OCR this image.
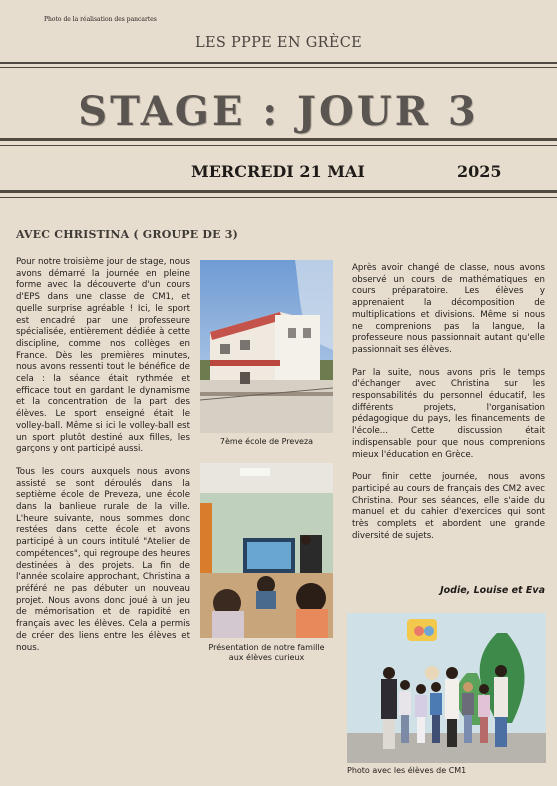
Photo de la réalisation des pancartes
LES PPPE EN GRÈCE
STAGE : JOUR 3
MERCREDI 21 MAI	2025
AVEC CHRISTINA ( GROUPE DE 3)

Pour notre troisième jour de stage, nous avons démarré la journée en pleine forme avec la découverte d'un cours d'EPS dans une classe de CM1, et quelle surprise agréable ! Ici, le sport est encadré par une professeure spécialisée, entièrement dédiée à cette discipline, comme nos collèges en France. Dès les premières minutes, nous avons ressenti tout le bénéfice de cela : la séance était rythmée et efficace tout en gardant le dynamisme et la concentration de la part des élèves. Le sport enseigné était le volley-ball. Même si ici le volley-ball est un sport plutôt destiné aux filles, les garçons y ont participé aussi.

Tous les cours auxquels nous avons assisté se sont déroulés dans la septième école de Preveza, une école dans la banlieue rurale de la ville. L'heure suivante, nous sommes donc restées dans cette école et avons participé à un cours intitulé "Atelier de compétences", qui regroupe des heures destinées à des projets. La fin de l'année scolaire approchant, Christina a préféré ne pas débuter un nouveau projet. Nous avons donc joué à un jeu de mémorisation et de rapidité en français avec les élèves. Cela a permis de créer des liens entre les élèves et nous.

7ème école de Preveza
Présentation de notre famille aux élèves curieux

Après avoir changé de classe, nous avons observé un cours de mathématiques en cours préparatoire. Les élèves y apprenaient la décomposition de multiplications et divisions. Même si nous ne comprenions pas la langue, la professeure nous passionnait autant qu'elle passionnait ses élèves.

Par la suite, nous avons pris le temps d'échanger avec Christina sur les responsabilités du personnel éducatif, les différents projets, l'organisation pédagogique du pays, les financements de l'école... Cette discussion était indispensable pour que nous comprenions mieux l'éducation en Grèce.

Pour finir cette journée, nous avons participé au cours de français des CM2 avec Christina. Pour ses séances, elle s'aide du manuel et du cahier d'exercices qui sont très complets et abordent une grande diversité de sujets.

Jodie, Louise et Eva
Photo avec les élèves de CM1
